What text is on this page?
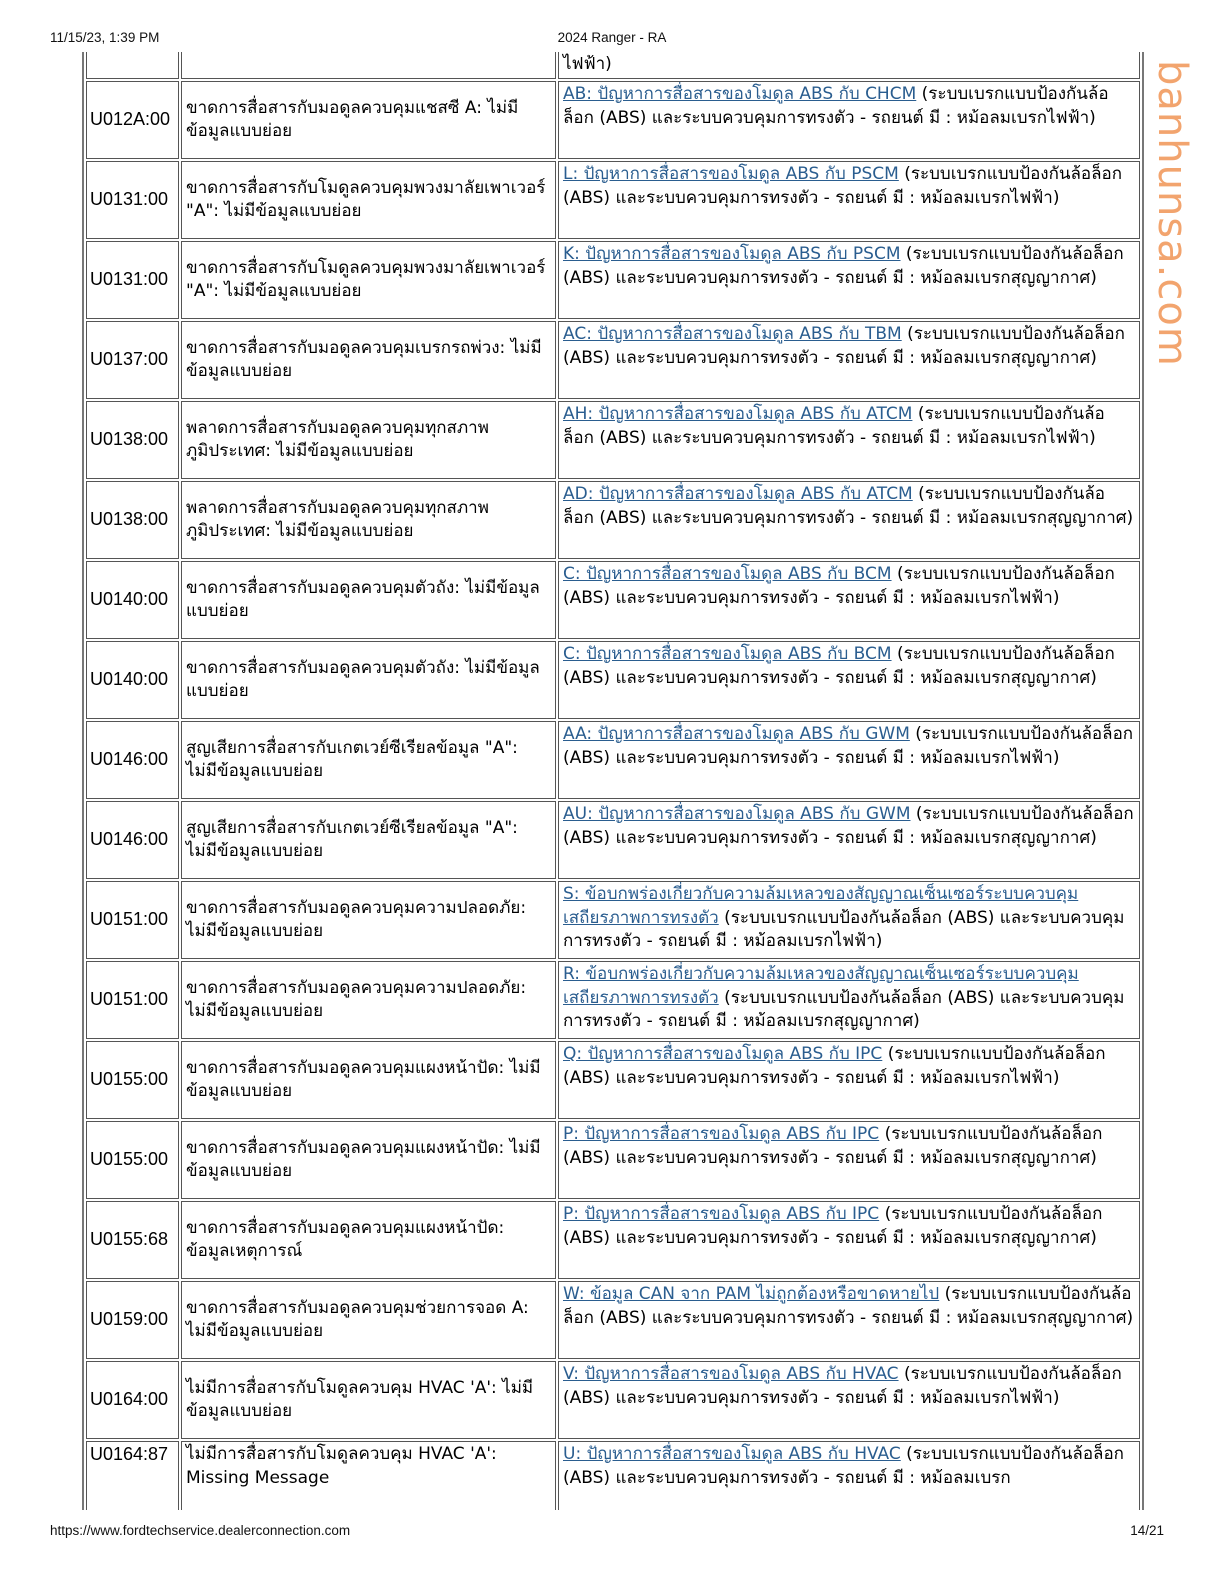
11/15/23, 1:39 PM	2024 Ranger - RA
		ไฟฟ้า)
U012A:00	ขาดการสื่อสารกับมอดูลควบคุมแชสซี A: ไม่มีข้อมูลแบบย่อย	AB: ปัญหาการสื่อสารของโมดูล ABS กับ CHCM (ระบบเบรกแบบป้องกันล้อล็อก (ABS) และระบบควบคุมการทรงตัว - รถยนต์ มี : หม้อลมเบรกไฟฟ้า)
U0131:00	ขาดการสื่อสารกับโมดูลควบคุมพวงมาลัยเพาเวอร์ "A": ไม่มีข้อมูลแบบย่อย	L: ปัญหาการสื่อสารของโมดูล ABS กับ PSCM (ระบบเบรกแบบป้องกันล้อล็อก (ABS) และระบบควบคุมการทรงตัว - รถยนต์ มี : หม้อลมเบรกไฟฟ้า)
U0131:00	ขาดการสื่อสารกับโมดูลควบคุมพวงมาลัยเพาเวอร์ "A": ไม่มีข้อมูลแบบย่อย	K: ปัญหาการสื่อสารของโมดูล ABS กับ PSCM (ระบบเบรกแบบป้องกันล้อล็อก (ABS) และระบบควบคุมการทรงตัว - รถยนต์ มี : หม้อลมเบรกสุญญากาศ)
U0137:00	ขาดการสื่อสารกับมอดูลควบคุมเบรกรถพ่วง: ไม่มีข้อมูลแบบย่อย	AC: ปัญหาการสื่อสารของโมดูล ABS กับ TBM (ระบบเบรกแบบป้องกันล้อล็อก (ABS) และระบบควบคุมการทรงตัว - รถยนต์ มี : หม้อลมเบรกสุญญากาศ)
U0138:00	พลาดการสื่อสารกับมอดูลควบคุมทุกสภาพภูมิประเทศ: ไม่มีข้อมูลแบบย่อย	AH: ปัญหาการสื่อสารของโมดูล ABS กับ ATCM (ระบบเบรกแบบป้องกันล้อล็อก (ABS) และระบบควบคุมการทรงตัว - รถยนต์ มี : หม้อลมเบรกไฟฟ้า)
U0138:00	พลาดการสื่อสารกับมอดูลควบคุมทุกสภาพภูมิประเทศ: ไม่มีข้อมูลแบบย่อย	AD: ปัญหาการสื่อสารของโมดูล ABS กับ ATCM (ระบบเบรกแบบป้องกันล้อล็อก (ABS) และระบบควบคุมการทรงตัว - รถยนต์ มี : หม้อลมเบรกสุญญากาศ)
U0140:00	ขาดการสื่อสารกับมอดูลควบคุมตัวถัง: ไม่มีข้อมูลแบบย่อย	C: ปัญหาการสื่อสารของโมดูล ABS กับ BCM (ระบบเบรกแบบป้องกันล้อล็อก (ABS) และระบบควบคุมการทรงตัว - รถยนต์ มี : หม้อลมเบรกไฟฟ้า)
U0140:00	ขาดการสื่อสารกับมอดูลควบคุมตัวถัง: ไม่มีข้อมูลแบบย่อย	C: ปัญหาการสื่อสารของโมดูล ABS กับ BCM (ระบบเบรกแบบป้องกันล้อล็อก (ABS) และระบบควบคุมการทรงตัว - รถยนต์ มี : หม้อลมเบรกสุญญากาศ)
U0146:00	สูญเสียการสื่อสารกับเกตเวย์ซีเรียลข้อมูล "A": ไม่มีข้อมูลแบบย่อย	AA: ปัญหาการสื่อสารของโมดูล ABS กับ GWM (ระบบเบรกแบบป้องกันล้อล็อก (ABS) และระบบควบคุมการทรงตัว - รถยนต์ มี : หม้อลมเบรกไฟฟ้า)
U0146:00	สูญเสียการสื่อสารกับเกตเวย์ซีเรียลข้อมูล "A": ไม่มีข้อมูลแบบย่อย	AU: ปัญหาการสื่อสารของโมดูล ABS กับ GWM (ระบบเบรกแบบป้องกันล้อล็อก (ABS) และระบบควบคุมการทรงตัว - รถยนต์ มี : หม้อลมเบรกสุญญากาศ)
U0151:00	ขาดการสื่อสารกับมอดูลควบคุมความปลอดภัย: ไม่มีข้อมูลแบบย่อย	S: ข้อบกพร่องเกี่ยวกับความล้มเหลวของสัญญาณเซ็นเซอร์ระบบควบคุมเสถียรภาพการทรงตัว (ระบบเบรกแบบป้องกันล้อล็อก (ABS) และระบบควบคุมการทรงตัว - รถยนต์ มี : หม้อลมเบรกไฟฟ้า)
U0151:00	ขาดการสื่อสารกับมอดูลควบคุมความปลอดภัย: ไม่มีข้อมูลแบบย่อย	R: ข้อบกพร่องเกี่ยวกับความล้มเหลวของสัญญาณเซ็นเซอร์ระบบควบคุมเสถียรภาพการทรงตัว (ระบบเบรกแบบป้องกันล้อล็อก (ABS) และระบบควบคุมการทรงตัว - รถยนต์ มี : หม้อลมเบรกสุญญากาศ)
U0155:00	ขาดการสื่อสารกับมอดูลควบคุมแผงหน้าปัด: ไม่มีข้อมูลแบบย่อย	Q: ปัญหาการสื่อสารของโมดูล ABS กับ IPC (ระบบเบรกแบบป้องกันล้อล็อก (ABS) และระบบควบคุมการทรงตัว - รถยนต์ มี : หม้อลมเบรกไฟฟ้า)
U0155:00	ขาดการสื่อสารกับมอดูลควบคุมแผงหน้าปัด: ไม่มีข้อมูลแบบย่อย	P: ปัญหาการสื่อสารของโมดูล ABS กับ IPC (ระบบเบรกแบบป้องกันล้อล็อก (ABS) และระบบควบคุมการทรงตัว - รถยนต์ มี : หม้อลมเบรกสุญญากาศ)
U0155:68	ขาดการสื่อสารกับมอดูลควบคุมแผงหน้าปัด: ข้อมูลเหตุการณ์	P: ปัญหาการสื่อสารของโมดูล ABS กับ IPC (ระบบเบรกแบบป้องกันล้อล็อก (ABS) และระบบควบคุมการทรงตัว - รถยนต์ มี : หม้อลมเบรกสุญญากาศ)
U0159:00	ขาดการสื่อสารกับมอดูลควบคุมช่วยการจอด A: ไม่มีข้อมูลแบบย่อย	W: ข้อมูล CAN จาก PAM ไม่ถูกต้องหรือขาดหายไป (ระบบเบรกแบบป้องกันล้อล็อก (ABS) และระบบควบคุมการทรงตัว - รถยนต์ มี : หม้อลมเบรกสุญญากาศ)
U0164:00	ไม่มีการสื่อสารกับโมดูลควบคุม HVAC 'A': ไม่มีข้อมูลแบบย่อย	V: ปัญหาการสื่อสารของโมดูล ABS กับ HVAC (ระบบเบรกแบบป้องกันล้อล็อก (ABS) และระบบควบคุมการทรงตัว - รถยนต์ มี : หม้อลมเบรกไฟฟ้า)
U0164:87	ไม่มีการสื่อสารกับโมดูลควบคุม HVAC 'A': Missing Message	U: ปัญหาการสื่อสารของโมดูล ABS กับ HVAC (ระบบเบรกแบบป้องกันล้อล็อก (ABS) และระบบควบคุมการทรงตัว - รถยนต์ มี : หม้อลมเบรก
banhunsa.com
https://www.fordtechservice.dealerconnection.com	14/21
